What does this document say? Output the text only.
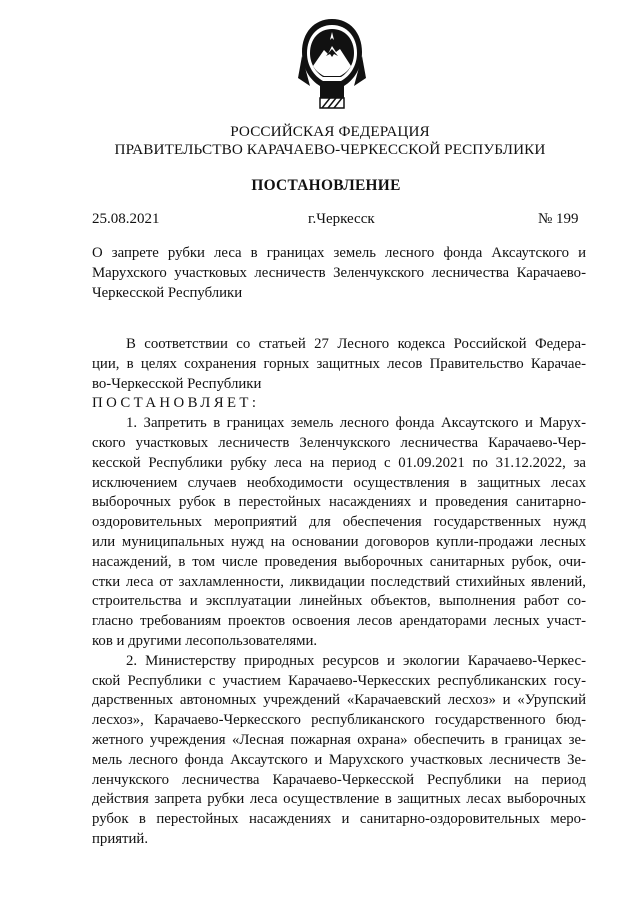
РОССИЙСКАЯ ФЕДЕРАЦИЯ
ПРАВИТЕЛЬСТВО КАРАЧАЕВО-ЧЕРКЕССКОЙ РЕСПУБЛИКИ
ПОСТАНОВЛЕНИЕ
25.08.2021	г.Черкесск	№ 199
О запрете рубки леса в границах земель лесного фонда Аксаутского и
Марухского участковых лесничеств Зеленчукского лесничества Карачаево-
Черкесской Республики
В соответствии со статьей 27 Лесного кодекса Российской Федера-
ции, в целях сохранения горных защитных лесов Правительство Карачае-
во-Черкесской Республики
ПОСТАНОВЛЯЕТ:
1. Запретить в границах земель лесного фонда Аксаутского и Марух-
ского участковых лесничеств Зеленчукского лесничества Карачаево-Чер-
кесской Республики рубку леса на период с 01.09.2021 по 31.12.2022, за
исключением случаев необходимости осуществления в защитных лесах
выборочных рубок в перестойных насаждениях и проведения санитарно-
оздоровительных мероприятий для обеспечения государственных нужд
или муниципальных нужд на основании договоров купли-продажи лесных
насаждений, в том числе проведения выборочных санитарных рубок, очи-
стки леса от захламленности, ликвидации последствий стихийных явлений,
строительства и эксплуатации линейных объектов, выполнения работ со-
гласно требованиям проектов освоения лесов арендаторами лесных участ-
ков и другими лесопользователями.
2. Министерству природных ресурсов и экологии Карачаево-Черкес-
ской Республики с участием Карачаево-Черкесских республиканских госу-
дарственных автономных учреждений «Карачаевский лесхоз» и «Урупский
лесхоз», Карачаево-Черкесского республиканского государственного бюд-
жетного учреждения «Лесная пожарная охрана» обеспечить в границах зе-
мель лесного фонда Аксаутского и Марухского участковых лесничеств Зе-
ленчукского лесничества Карачаево-Черкесской Республики на период
действия запрета рубки леса осуществление в защитных лесах выборочных
рубок в перестойных насаждениях и санитарно-оздоровительных меро-
приятий.
